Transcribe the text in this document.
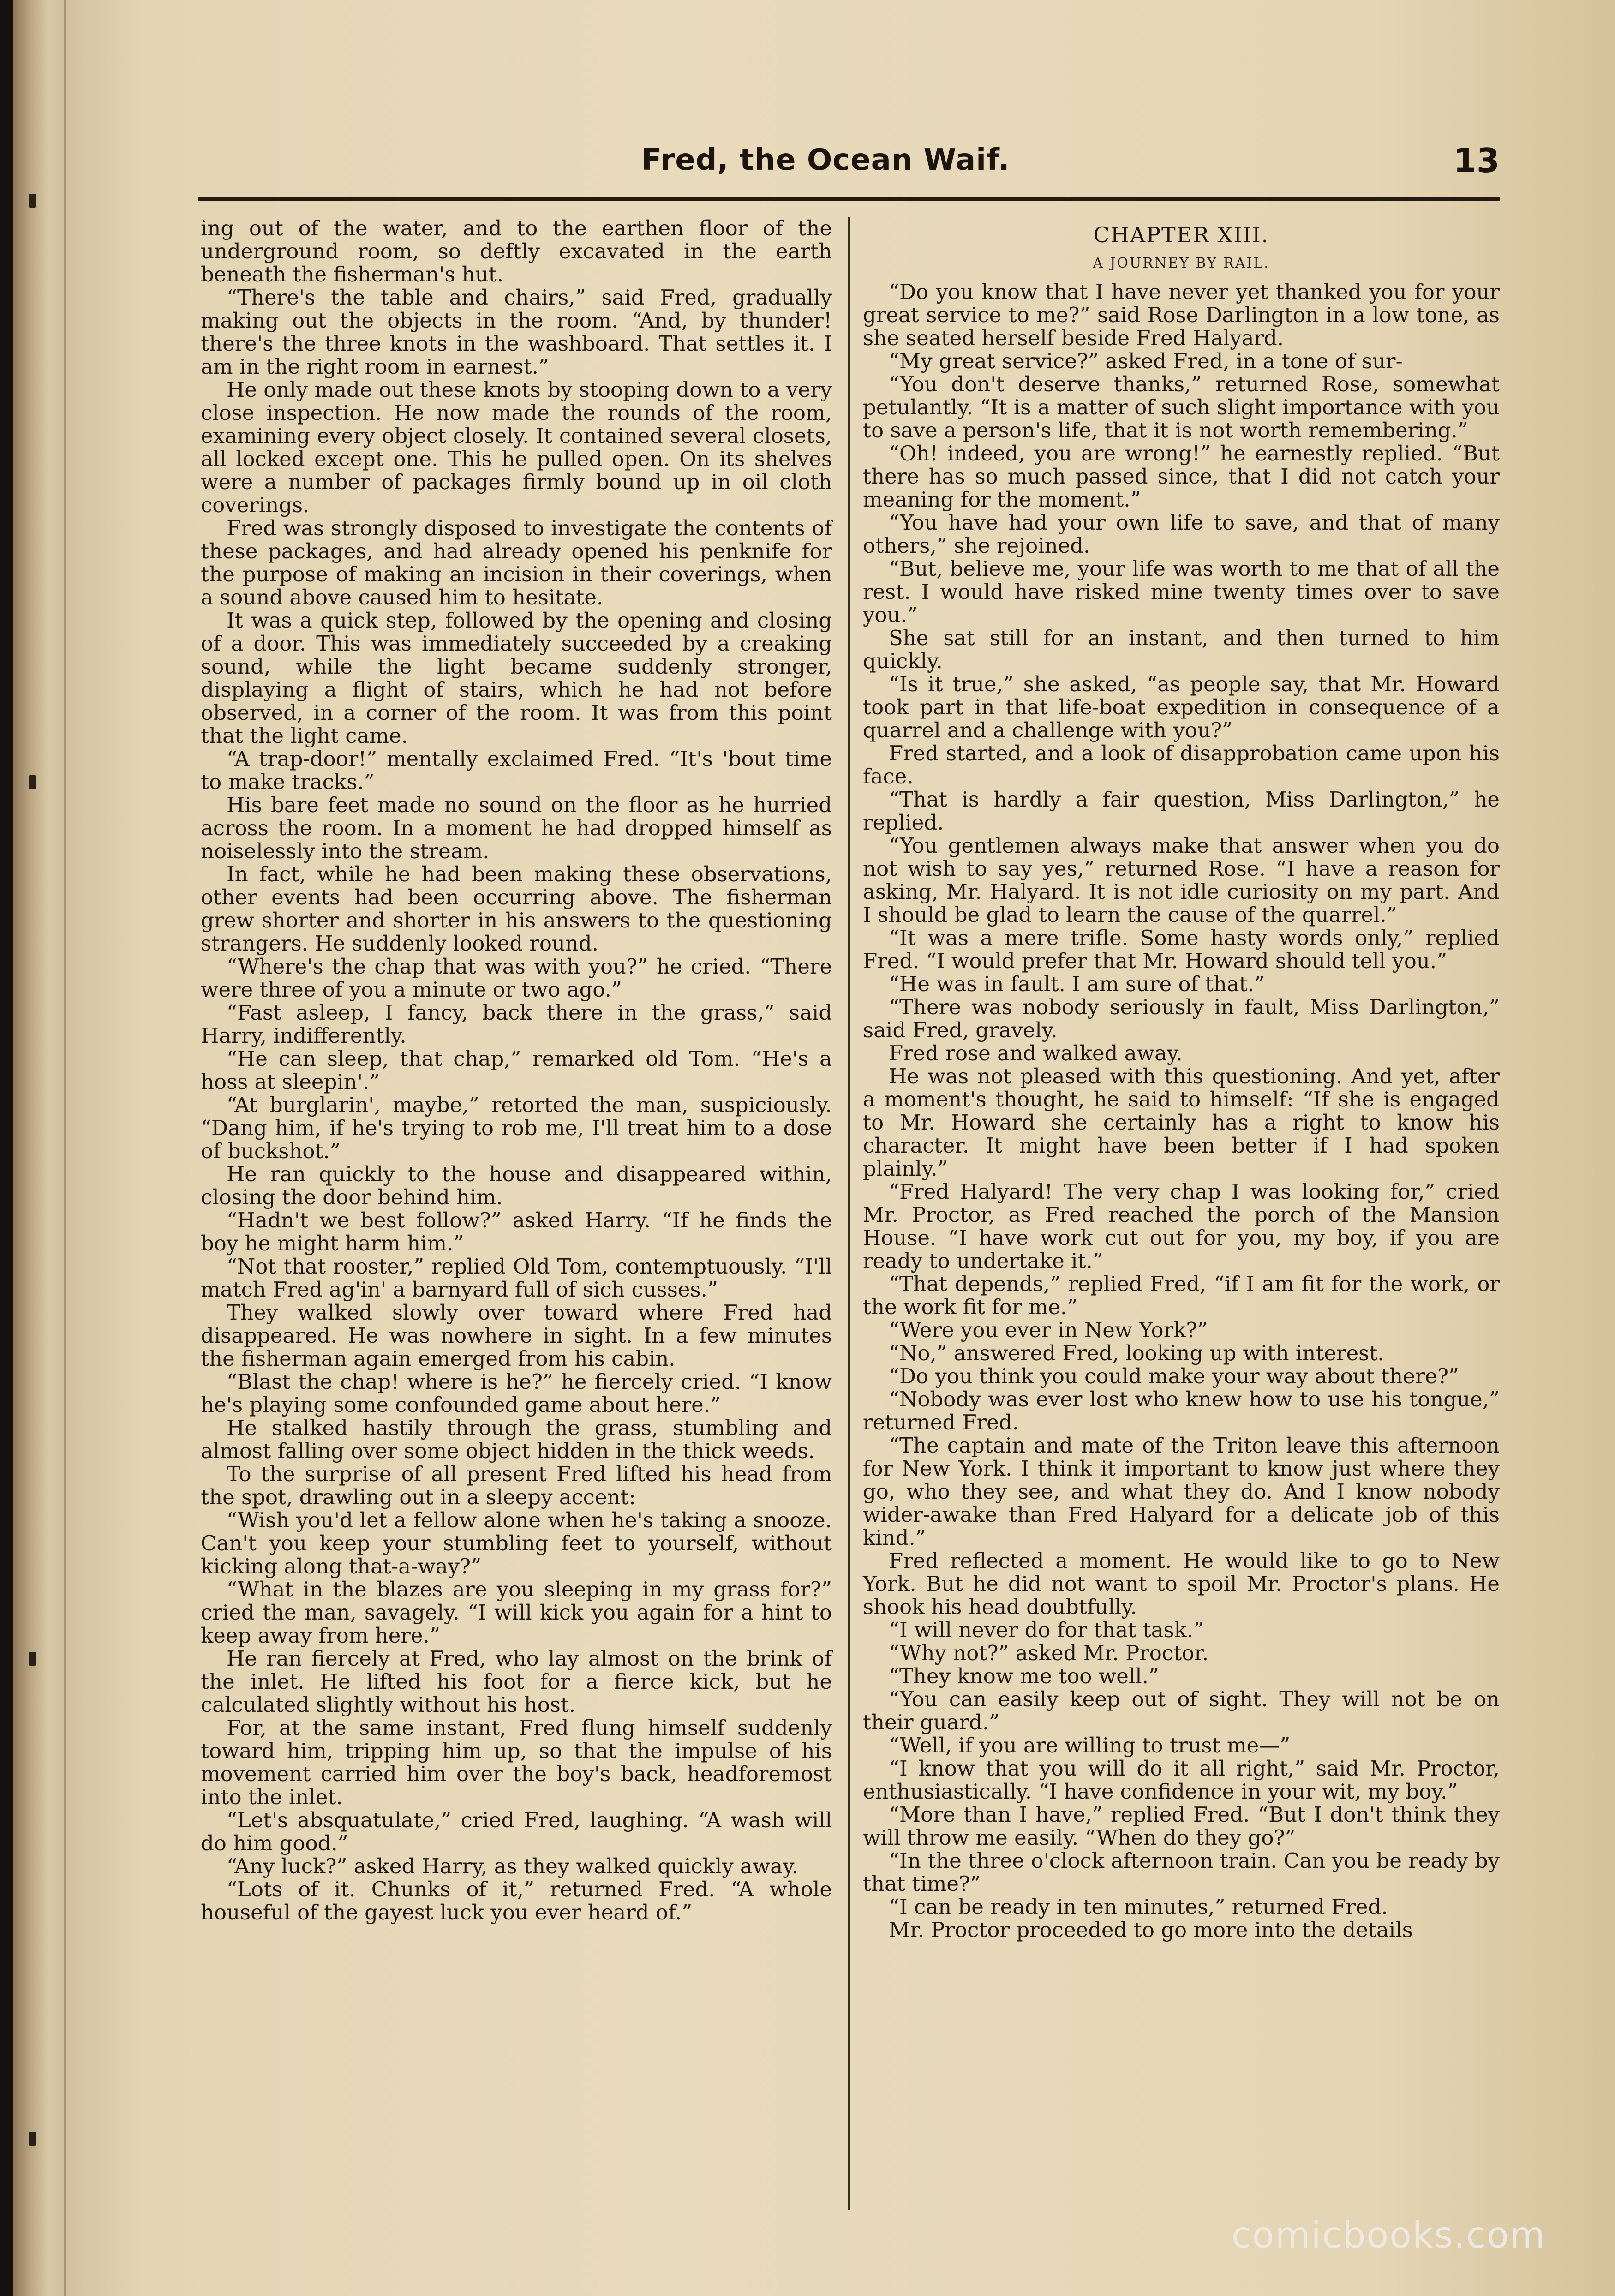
Fred, the Ocean Waif.	13

ing out of the water, and to the earthen floor of the underground room, so deftly excavated in the earth beneath the fisherman's hut.

“There's the table and chairs,” said Fred, gradually making out the objects in the room. “And, by thunder! there's the three knots in the washboard. That settles it. I am in the right room in earnest.”

He only made out these knots by stooping down to a very close inspection. He now made the rounds of the room, examining every object closely. It contained several closets, all locked except one. This he pulled open. On its shelves were a number of packages firmly bound up in oil cloth coverings.

Fred was strongly disposed to investigate the contents of these packages, and had already opened his penknife for the purpose of making an incision in their coverings, when a sound above caused him to hesitate.

It was a quick step, followed by the opening and closing of a door. This was immediately succeeded by a creaking sound, while the light became suddenly stronger, displaying a flight of stairs, which he had not before observed, in a corner of the room. It was from this point that the light came.

“A trap-door!” mentally exclaimed Fred. “It's 'bout time to make tracks.”

His bare feet made no sound on the floor as he hurried across the room. In a moment he had dropped himself as noiselessly into the stream.

In fact, while he had been making these observations, other events had been occurring above. The fisherman grew shorter and shorter in his answers to the questioning strangers. He suddenly looked round.

“Where's the chap that was with you?” he cried. “There were three of you a minute or two ago.”

“Fast asleep, I fancy, back there in the grass,” said Harry, indifferently.

“He can sleep, that chap,” remarked old Tom. “He's a hoss at sleepin'.”

“At burglarin', maybe,” retorted the man, suspiciously. “Dang him, if he's trying to rob me, I'll treat him to a dose of buckshot.”

He ran quickly to the house and disappeared within, closing the door behind him.

“Hadn't we best follow?” asked Harry. “If he finds the boy he might harm him.”

“Not that rooster,” replied Old Tom, contemptuously. “I'll match Fred ag'in' a barnyard full of sich cusses.”

They walked slowly over toward where Fred had disappeared. He was nowhere in sight. In a few minutes the fisherman again emerged from his cabin.

“Blast the chap! where is he?” he fiercely cried. “I know he's playing some confounded game about here.”

He stalked hastily through the grass, stumbling and almost falling over some object hidden in the thick weeds.

To the surprise of all present Fred lifted his head from the spot, drawling out in a sleepy accent:

“Wish you'd let a fellow alone when he's taking a snooze. Can't you keep your stumbling feet to yourself, without kicking along that-a-way?”

“What in the blazes are you sleeping in my grass for?” cried the man, savagely. “I will kick you again for a hint to keep away from here.”

He ran fiercely at Fred, who lay almost on the brink of the inlet. He lifted his foot for a fierce kick, but he calculated slightly without his host.

For, at the same instant, Fred flung himself suddenly toward him, tripping him up, so that the impulse of his movement carried him over the boy's back, headforemost into the inlet.

“Let's absquatulate,” cried Fred, laughing. “A wash will do him good.”

“Any luck?” asked Harry, as they walked quickly away.

“Lots of it. Chunks of it,” returned Fred. “A whole houseful of the gayest luck you ever heard of.”

CHAPTER XIII.
A JOURNEY BY RAIL.

“Do you know that I have never yet thanked you for your great service to me?” said Rose Darlington in a low tone, as she seated herself beside Fred Halyard.

“My great service?” asked Fred, in a tone of sur-

“You don't deserve thanks,” returned Rose, somewhat petulantly. “It is a matter of such slight importance with you to save a person's life, that it is not worth remembering.”

“Oh! indeed, you are wrong!” he earnestly replied. “But there has so much passed since, that I did not catch your meaning for the moment.”

“You have had your own life to save, and that of many others,” she rejoined.

“But, believe me, your life was worth to me that of all the rest. I would have risked mine twenty times over to save you.”

She sat still for an instant, and then turned to him quickly.

“Is it true,” she asked, “as people say, that Mr. Howard took part in that life-boat expedition in consequence of a quarrel and a challenge with you?”

Fred started, and a look of disapprobation came upon his face.

“That is hardly a fair question, Miss Darlington,” he replied.

“You gentlemen always make that answer when you do not wish to say yes,” returned Rose. “I have a reason for asking, Mr. Halyard. It is not idle curiosity on my part. And I should be glad to learn the cause of the quarrel.”

“It was a mere trifle. Some hasty words only,” replied Fred. “I would prefer that Mr. Howard should tell you.”

“He was in fault. I am sure of that.”

“There was nobody seriously in fault, Miss Darlington,” said Fred, gravely.

Fred rose and walked away.

He was not pleased with this questioning. And yet, after a moment's thought, he said to himself: “If she is engaged to Mr. Howard she certainly has a right to know his character. It might have been better if I had spoken plainly.”

“Fred Halyard! The very chap I was looking for,” cried Mr. Proctor, as Fred reached the porch of the Mansion House. “I have work cut out for you, my boy, if you are ready to undertake it.”

“That depends,” replied Fred, “if I am fit for the work, or the work fit for me.”

“Were you ever in New York?”

“No,” answered Fred, looking up with interest.

“Do you think you could make your way about there?”

“Nobody was ever lost who knew how to use his tongue,” returned Fred.

“The captain and mate of the Triton leave this afternoon for New York. I think it important to know just where they go, who they see, and what they do. And I know nobody wider-awake than Fred Halyard for a delicate job of this kind.”

Fred reflected a moment. He would like to go to New York. But he did not want to spoil Mr. Proctor's plans. He shook his head doubtfully.

“I will never do for that task.”

“Why not?” asked Mr. Proctor.

“They know me too well.”

“You can easily keep out of sight. They will not be on their guard.”

“Well, if you are willing to trust me—”

“I know that you will do it all right,” said Mr. Proctor, enthusiastically. “I have confidence in your wit, my boy.”

“More than I have,” replied Fred. “But I don't think they will throw me easily. “When do they go?”

“In the three o'clock afternoon train. Can you be ready by that time?”

“I can be ready in ten minutes,” returned Fred.

Mr. Proctor proceeded to go more into the details

comicbooks.com
